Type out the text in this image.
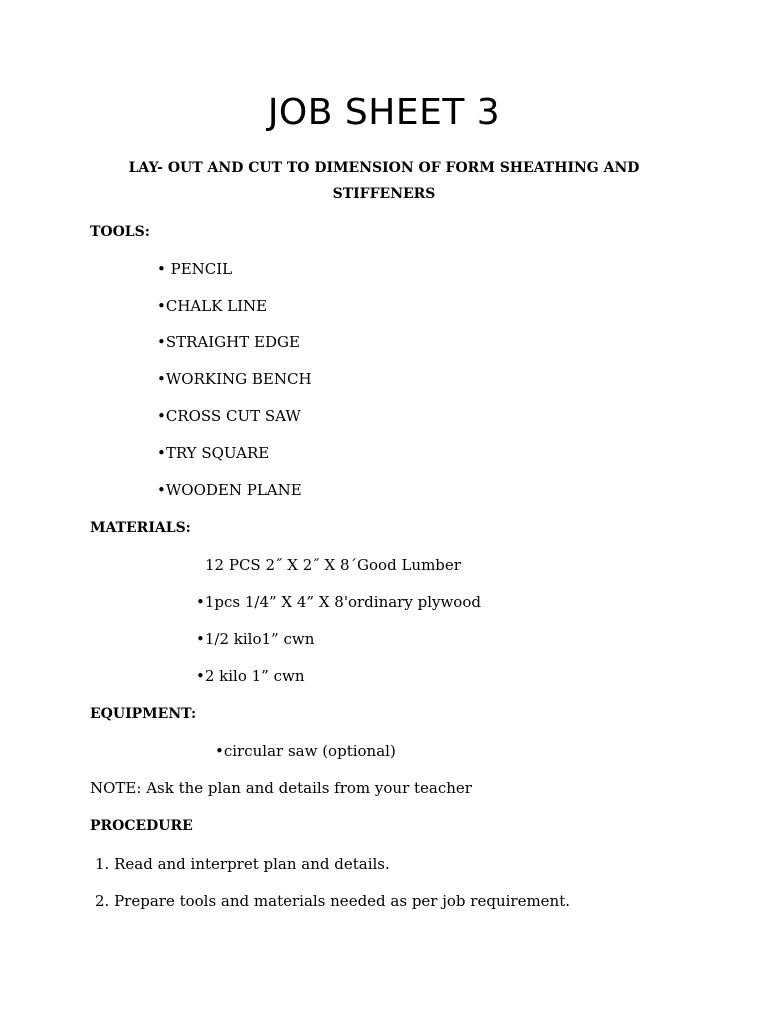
JOB SHEET 3
LAY- OUT AND CUT TO DIMENSION OF FORM SHEATHING AND
STIFFENERS
TOOLS:
• PENCIL
•CHALK LINE
•STRAIGHT EDGE
•WORKING BENCH
•CROSS CUT SAW
•TRY SQUARE
•WOODEN PLANE
MATERIALS:
12 PCS 2˝ X 2˝ X 8´Good Lumber
•1pcs 1/4” X 4” X 8'ordinary plywood
•1/2 kilo1” cwn
•2 kilo 1” cwn
EQUIPMENT:
•circular saw (optional)
NOTE: Ask the plan and details from your teacher
PROCEDURE
1. Read and interpret plan and details.
2. Prepare tools and materials needed as per job requirement.
